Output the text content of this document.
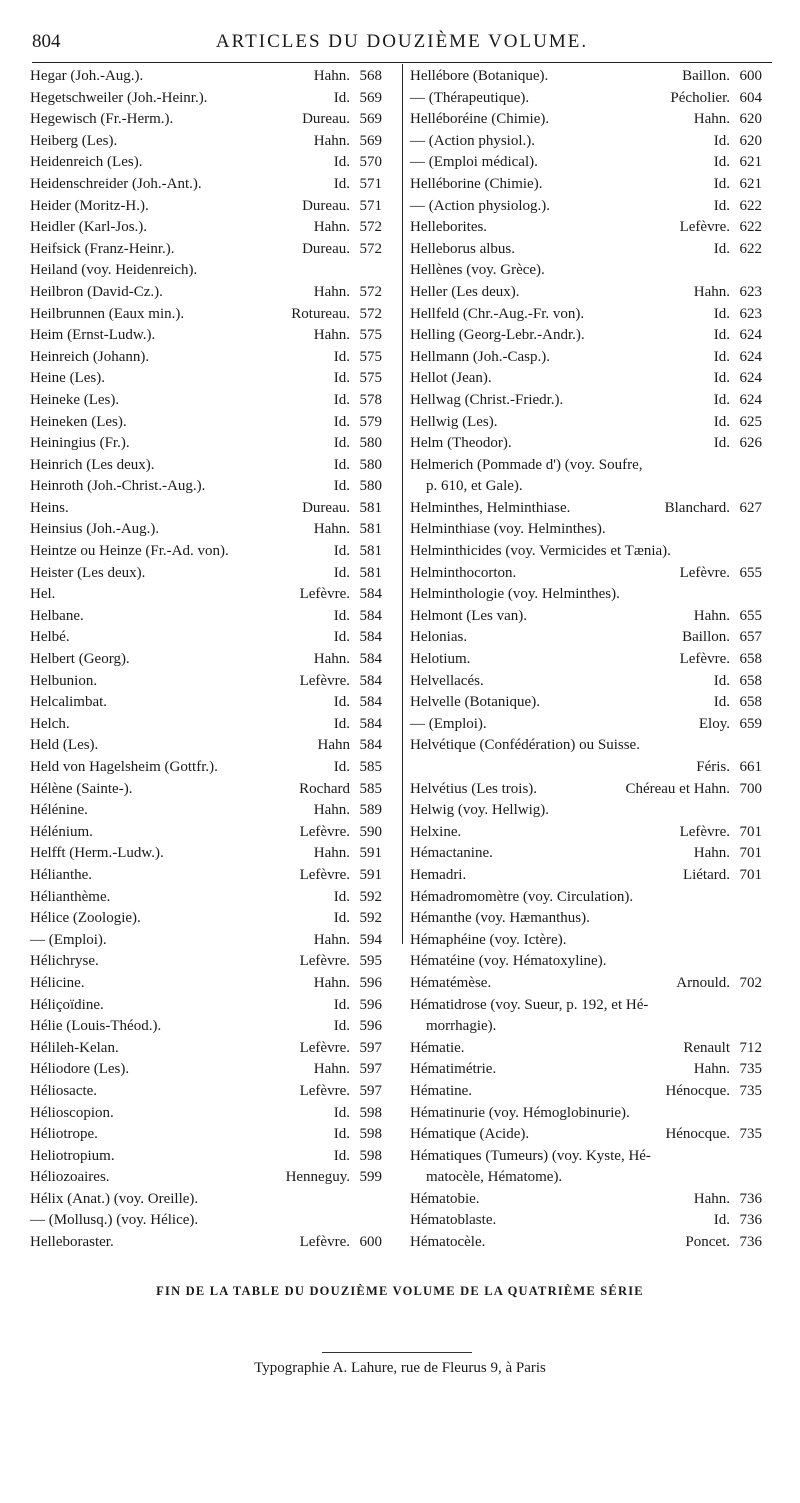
804	ARTICLES DU DOUZIÈME VOLUME.
Hegar (Joh.-Aug.).	Hahn. 568
Hegetschweiler (Joh.-Heinr.).	Id. 569
Hegewisch (Fr.-Herm.).	Dureau. 569
Heiberg (Les).	Hahn. 569
Heidenreich (Les).	Id. 570
Heidenschreider (Joh.-Ant.).	Id. 571
Heider (Moritz-H.).	Dureau. 571
Heidler (Karl-Jos.).	Hahn. 572
Heifsick (Franz-Heinr.).	Dureau. 572
Heiland (voy. Heidenreich).
Heilbron (David-Cz.).	Hahn. 572
Heilbrunnen (Eaux min.).	Rotureau. 572
Heim (Ernst-Ludw.).	Hahn. 575
Heinreich (Johann).	Id. 575
Heine (Les).	Id. 575
Heineke (Les).	Id. 578
Heineken (Les).	Id. 579
Heiningius (Fr.).	Id. 580
Heinrich (Les deux).	Id. 580
Heinroth (Joh.-Christ.-Aug.).	Id. 580
Heins.	Dureau. 581
Heinsius (Joh.-Aug.).	Hahn. 581
Heintze ou Heinze (Fr.-Ad. von).	Id. 581
Heister (Les deux).	Id. 581
Hel.	Lefèvre. 584
Helbane.	Id. 584
Helbé.	Id. 584
Helbert (Georg).	Hahn. 584
Helbunion.	Lefèvre. 584
Helcalimbat.	Id. 584
Helch.	Id. 584
Held (Les).	Hahn 584
Held von Hagelsheim (Gottfr.).	Id. 585
Hélène (Sainte-).	Rochard 585
Hélénine.	Hahn. 589
Hélénium.	Lefèvre. 590
Helfft (Herm.-Ludw.).	Hahn. 591
Hélianthe.	Lefèvre. 591
Hélianthème.	Id. 592
Hélice (Zoologie).	Id. 592
— (Emploi).	Hahn. 594
Hélichryse.	Lefèvre. 595
Hélicine.	Hahn. 596
Héliçoïdine.	Id. 596
Hélie (Louis-Théod.).	Id. 596
Hélileh-Kelan.	Lefèvre. 597
Héliodore (Les).	Hahn. 597
Héliosacte.	Lefèvre. 597
Hélioscopion.	Id. 598
Héliotrope.	Id. 598
Heliotropium.	Id. 598
Héliozoaires.	Henneguy. 599
Hélix (Anat.) (voy. Oreille).
— (Mollusq.) (voy. Hélice).
Helleboraster.	Lefèvre. 600
Hellébore (Botanique).	Baillon. 600
— (Thérapeutique).	Pécholier. 604
Helléboréine (Chimie).	Hahn. 620
— (Action physiol.).	Id. 620
— (Emploi médical).	Id. 621
Helléborine (Chimie).	Id. 621
— (Action physiolog.).	Id. 622
Helleborites.	Lefèvre. 622
Helleborus albus.	Id. 622
Hellènes (voy. Grèce).
Heller (Les deux).	Hahn. 623
Hellfeld (Chr.-Aug.-Fr. von).	Id. 623
Helling (Georg-Lebr.-Andr.).	Id. 624
Hellmann (Joh.-Casp.).	Id. 624
Hellot (Jean).	Id. 624
Hellwag (Christ.-Friedr.).	Id. 624
Hellwig (Les).	Id. 625
Helm (Theodor).	Id. 626
Helmerich (Pommade d') (voy. Soufre,
p. 610, et Gale).
Helminthes, Helminthiase.	Blanchard. 627
Helminthiase (voy. Helminthes).
Helminthicides (voy. Vermicides et Tænia).
Helminthocorton.	Lefèvre. 655
Helminthologie (voy. Helminthes).
Helmont (Les van).	Hahn. 655
Helonias.	Baillon. 657
Helotium.	Lefèvre. 658
Helvellacés.	Id. 658
Helvelle (Botanique).	Id. 658
— (Emploi).	Eloy. 659
Helvétique (Confédération) ou Suisse.
Féris. 661
Helvétius (Les trois).	Chéreau et Hahn. 700
Helwig (voy. Hellwig).
Helxine.	Lefèvre. 701
Hémactanine.	Hahn. 701
Hemadri.	Liétard. 701
Hémadromomètre (voy. Circulation).
Hémanthe (voy. Hæmanthus).
Hémaphéine (voy. Ictère).
Hématéine (voy. Hématoxyline).
Hématémèse.	Arnould. 702
Hématidrose (voy. Sueur, p. 192, et Hé-
morrhagie).
Hématie.	Renault 712
Hématimétrie.	Hahn. 735
Hématine.	Hénocque. 735
Hématinurie (voy. Hémoglobinurie).
Hématique (Acide).	Hénocque. 735
Hématiques (Tumeurs) (voy. Kyste, Hé-
matocèle, Hématome).
Hématobie.	Hahn. 736
Hématoblaste.	Id. 736
Hématocèle.	Poncet. 736
FIN DE LA TABLE DU DOUZIÈME VOLUME DE LA QUATRIÈME SÉRIE
Typographie A. Lahure, rue de Fleurus 9, à Paris
